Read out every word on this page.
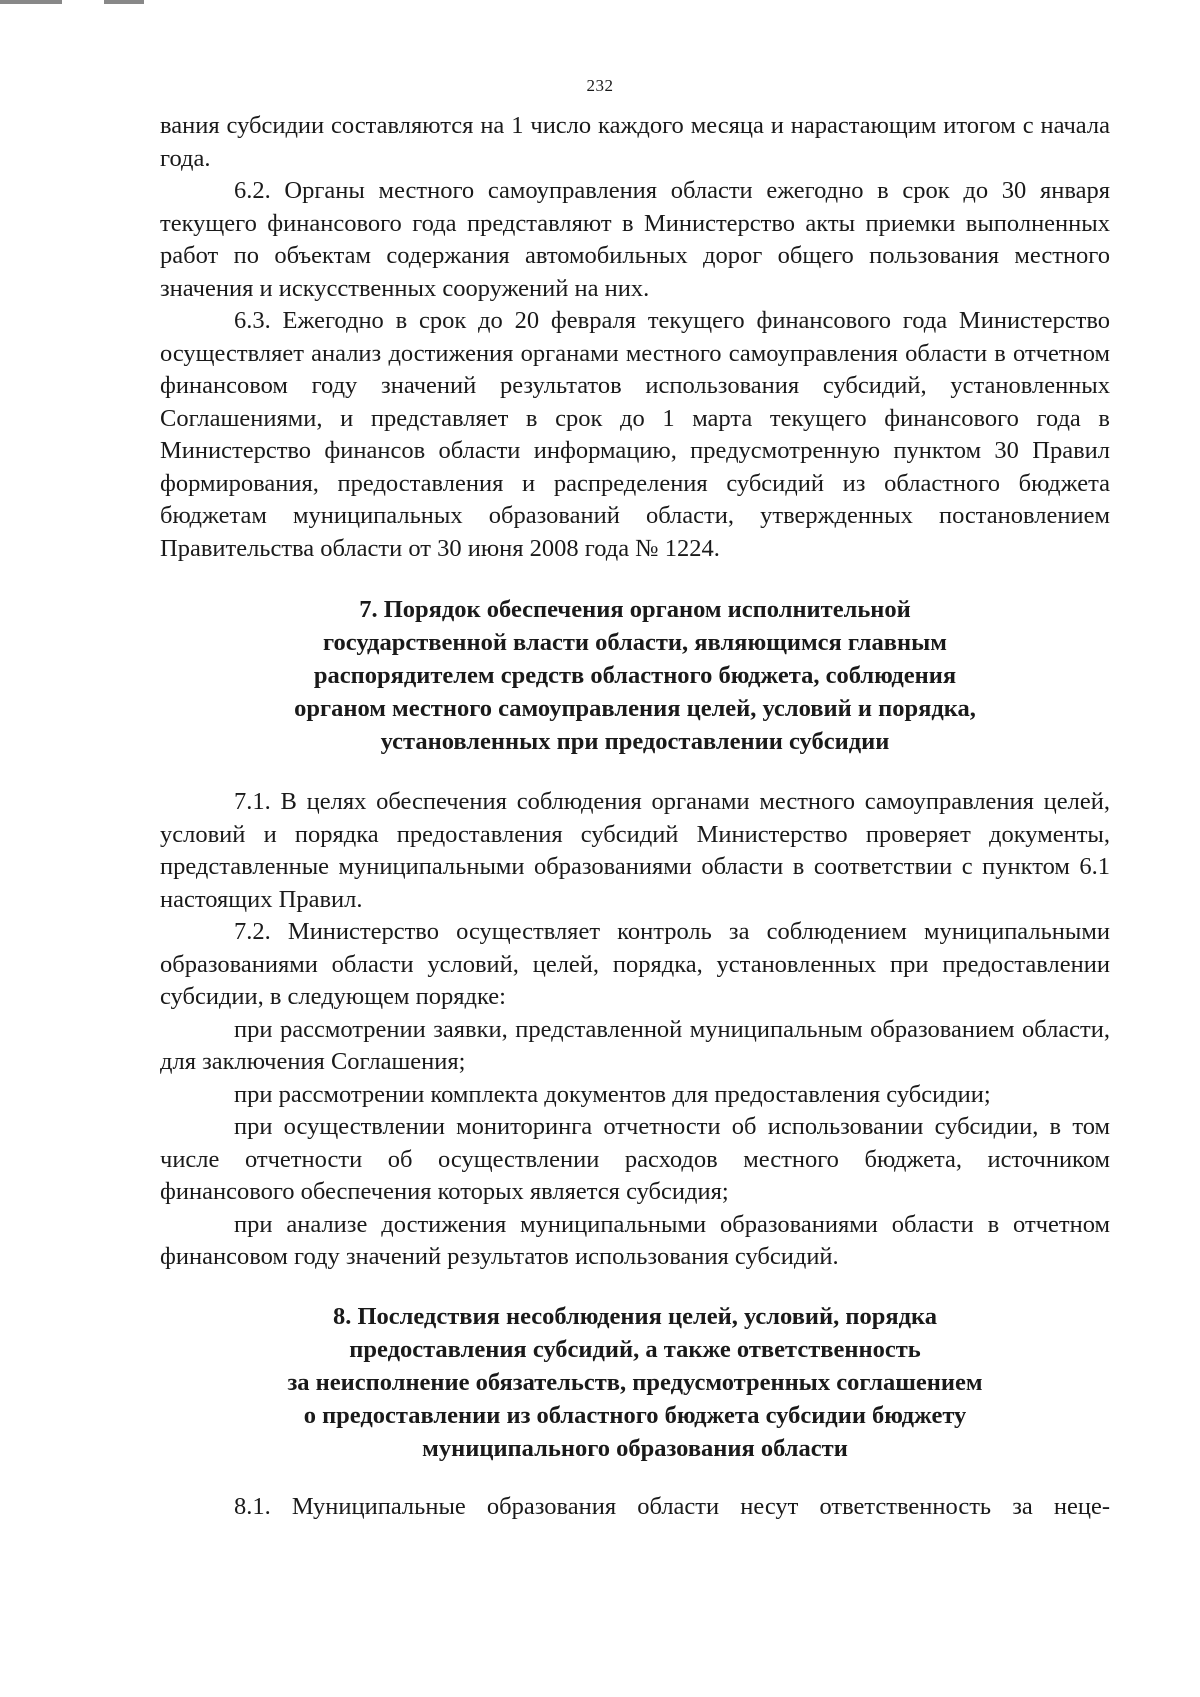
232

вания субсидии составляются на 1 число каждого месяца и нарастающим итогом с начала года.

6.2. Органы местного самоуправления области ежегодно в срок до 30 января текущего финансового года представляют в Министерство акты приемки выполненных работ по объектам содержания автомобильных дорог общего пользования местного значения и искусственных сооружений на них.

6.3. Ежегодно в срок до 20 февраля текущего финансового года Министерство осуществляет анализ достижения органами местного самоуправления области в отчетном финансовом году значений результатов использования субсидий, установленных Соглашениями, и представляет в срок до 1 марта текущего финансового года в Министерство финансов области информацию, предусмотренную пунктом 30 Правил формирования, предоставления и распределения субсидий из областного бюджета бюджетам муниципальных образований области, утвержденных постановлением Правительства области от 30 июня 2008 года № 1224.

7. Порядок обеспечения органом исполнительной
государственной власти области, являющимся главным
распорядителем средств областного бюджета, соблюдения
органом местного самоуправления целей, условий и порядка,
установленных при предоставлении субсидии

7.1. В целях обеспечения соблюдения органами местного самоуправления целей, условий и порядка предоставления субсидий Министерство проверяет документы, представленные муниципальными образованиями области в соответствии с пунктом 6.1 настоящих Правил.

7.2. Министерство осуществляет контроль за соблюдением муниципальными образованиями области условий, целей, порядка, установленных при предоставлении субсидии, в следующем порядке:

при рассмотрении заявки, представленной муниципальным образованием области, для заключения Соглашения;

при рассмотрении комплекта документов для предоставления субсидии;

при осуществлении мониторинга отчетности об использовании субсидии, в том числе отчетности об осуществлении расходов местного бюджета, источником финансового обеспечения которых является субсидия;

при анализе достижения муниципальными образованиями области в отчетном финансовом году значений результатов использования субсидий.

8. Последствия несоблюдения целей, условий, порядка
предоставления субсидий, а также ответственность
за неисполнение обязательств, предусмотренных соглашением
о предоставлении из областного бюджета субсидии бюджету
муниципального образования области

8.1. Муниципальные образования области несут ответственность за неце-
